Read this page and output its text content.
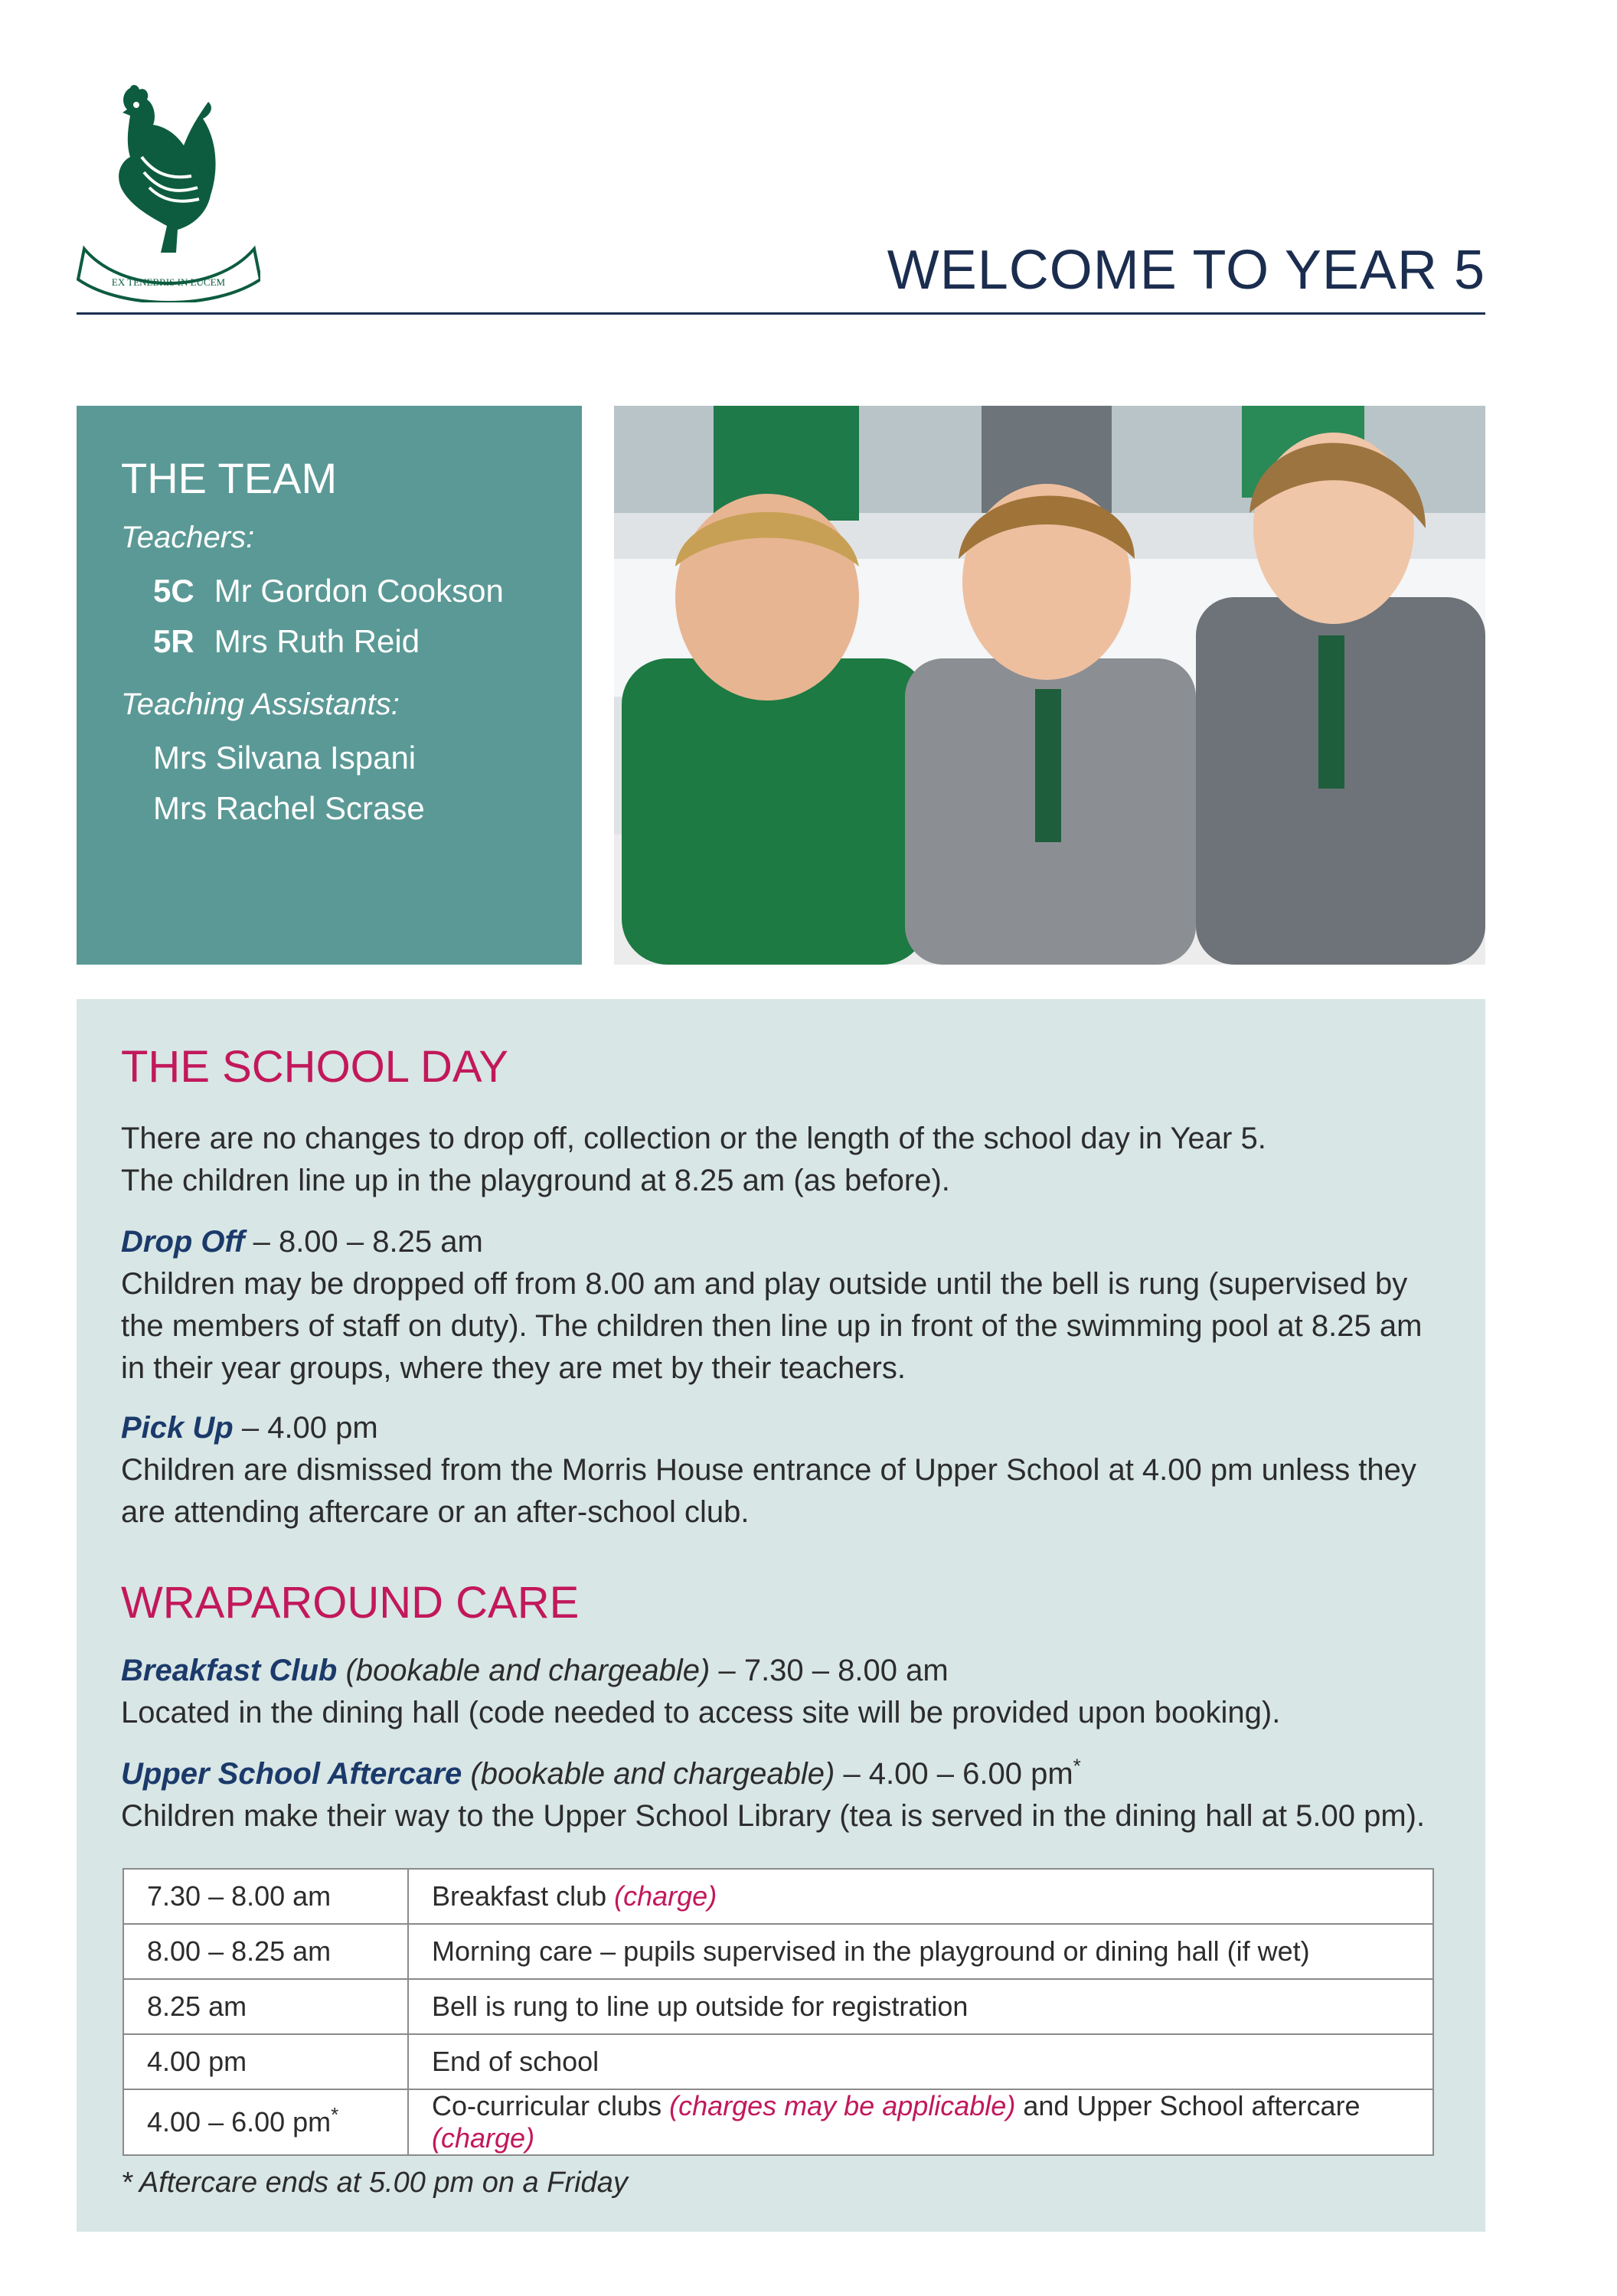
EX TENEBRIS IN LUCEM	WELCOME TO YEAR 5
THE TEAM
Teachers:
5C Mr Gordon Cookson
5R Mrs Ruth Reid
Teaching Assistants:
Mrs Silvana Ispani
Mrs Rachel Scrase
THE SCHOOL DAY
There are no changes to drop off, collection or the length of the school day in Year 5.
The children line up in the playground at 8.25 am (as before).
Drop Off – 8.00 – 8.25 am
Children may be dropped off from 8.00 am and play outside until the bell is rung (supervised by the members of staff on duty). The children then line up in front of the swimming pool at 8.25 am in their year groups, where they are met by their teachers.
Pick Up – 4.00 pm
Children are dismissed from the Morris House entrance of Upper School at 4.00 pm unless they are attending aftercare or an after-school club.
WRAPAROUND CARE
Breakfast Club (bookable and chargeable) – 7.30 – 8.00 am
Located in the dining hall (code needed to access site will be provided upon booking).
Upper School Aftercare (bookable and chargeable) – 4.00 – 6.00 pm*
Children make their way to the Upper School Library (tea is served in the dining hall at 5.00 pm).
7.30 – 8.00 am	Breakfast club (charge)
8.00 – 8.25 am	Morning care – pupils supervised in the playground or dining hall (if wet)
8.25 am	Bell is rung to line up outside for registration
4.00 pm	End of school
4.00 – 6.00 pm*	Co-curricular clubs (charges may be applicable) and Upper School aftercare (charge)
* Aftercare ends at 5.00 pm on a Friday
